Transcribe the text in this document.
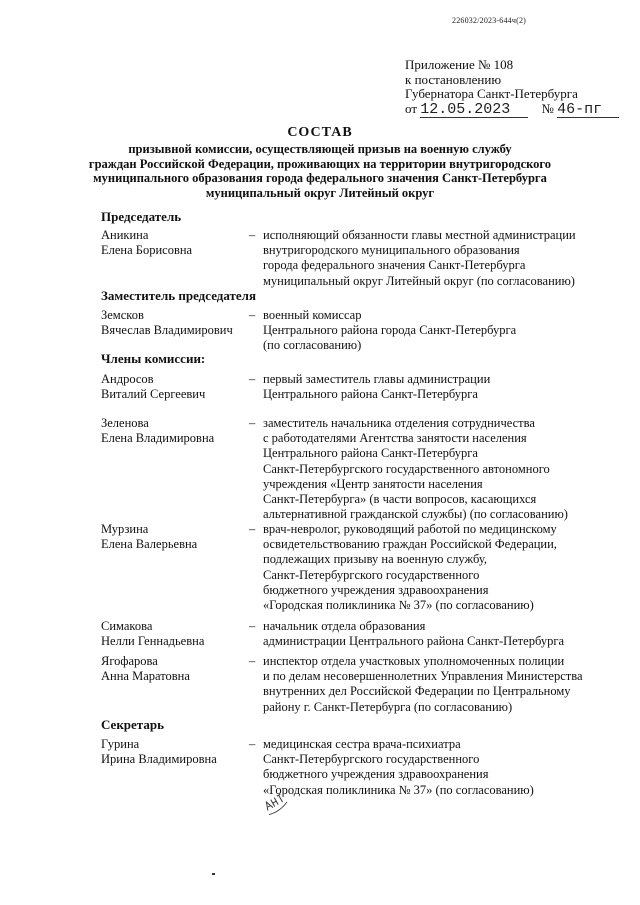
226032/2023-644ч(2)
Приложение № 108
к постановлению
Губернатора Санкт-Петербурга
от 12.05.2023 № 46-пг
СОСТАВ
призывной комиссии, осуществляющей призыв на военную службу
граждан Российской Федерации, проживающих на территории внутригородского
муниципального образования города федерального значения Санкт-Петербурга
муниципальный округ Литейный округ
Председатель
Аникина
Елена Борисовна
– исполняющий обязанности главы местной администрации
внутригородского муниципального образования
города федерального значения Санкт-Петербурга
муниципальный округ Литейный округ (по согласованию)
Заместитель председателя
Земсков
Вячеслав Владимирович
– военный комиссар
Центрального района города Санкт-Петербурга
(по согласованию)
Члены комиссии:
Андросов
Виталий Сергеевич
– первый заместитель главы администрации
Центрального района Санкт-Петербурга
Зеленова
Елена Владимировна
– заместитель начальника отделения сотрудничества
с работодателями Агентства занятости населения
Центрального района Санкт-Петербурга
Санкт-Петербургского государственного автономного
учреждения «Центр занятости населения
Санкт-Петербурга» (в части вопросов, касающихся
альтернативной гражданской службы) (по согласованию)
Мурзина
Елена Валерьевна
– врач-невролог, руководящий работой по медицинскому
освидетельствованию граждан Российской Федерации,
подлежащих призыву на военную службу,
Санкт-Петербургского государственного
бюджетного учреждения здравоохранения
«Городская поликлиника № 37» (по согласованию)
Симакова
Нелли Геннадьевна
– начальник отдела образования
администрации Центрального района Санкт-Петербурга
Ягофарова
Анна Маратовна
– инспектор отдела участковых уполномоченных полиции
и по делам несовершеннолетних Управления Министерства
внутренних дел Российской Федерации по Центральному
району г. Санкт-Петербурга (по согласованию)
Секретарь
Гурина
Ирина Владимировна
– медицинская сестра врача-психиатра
Санкт-Петербургского государственного
бюджетного учреждения здравоохранения
«Городская поликлиника № 37» (по согласованию)
